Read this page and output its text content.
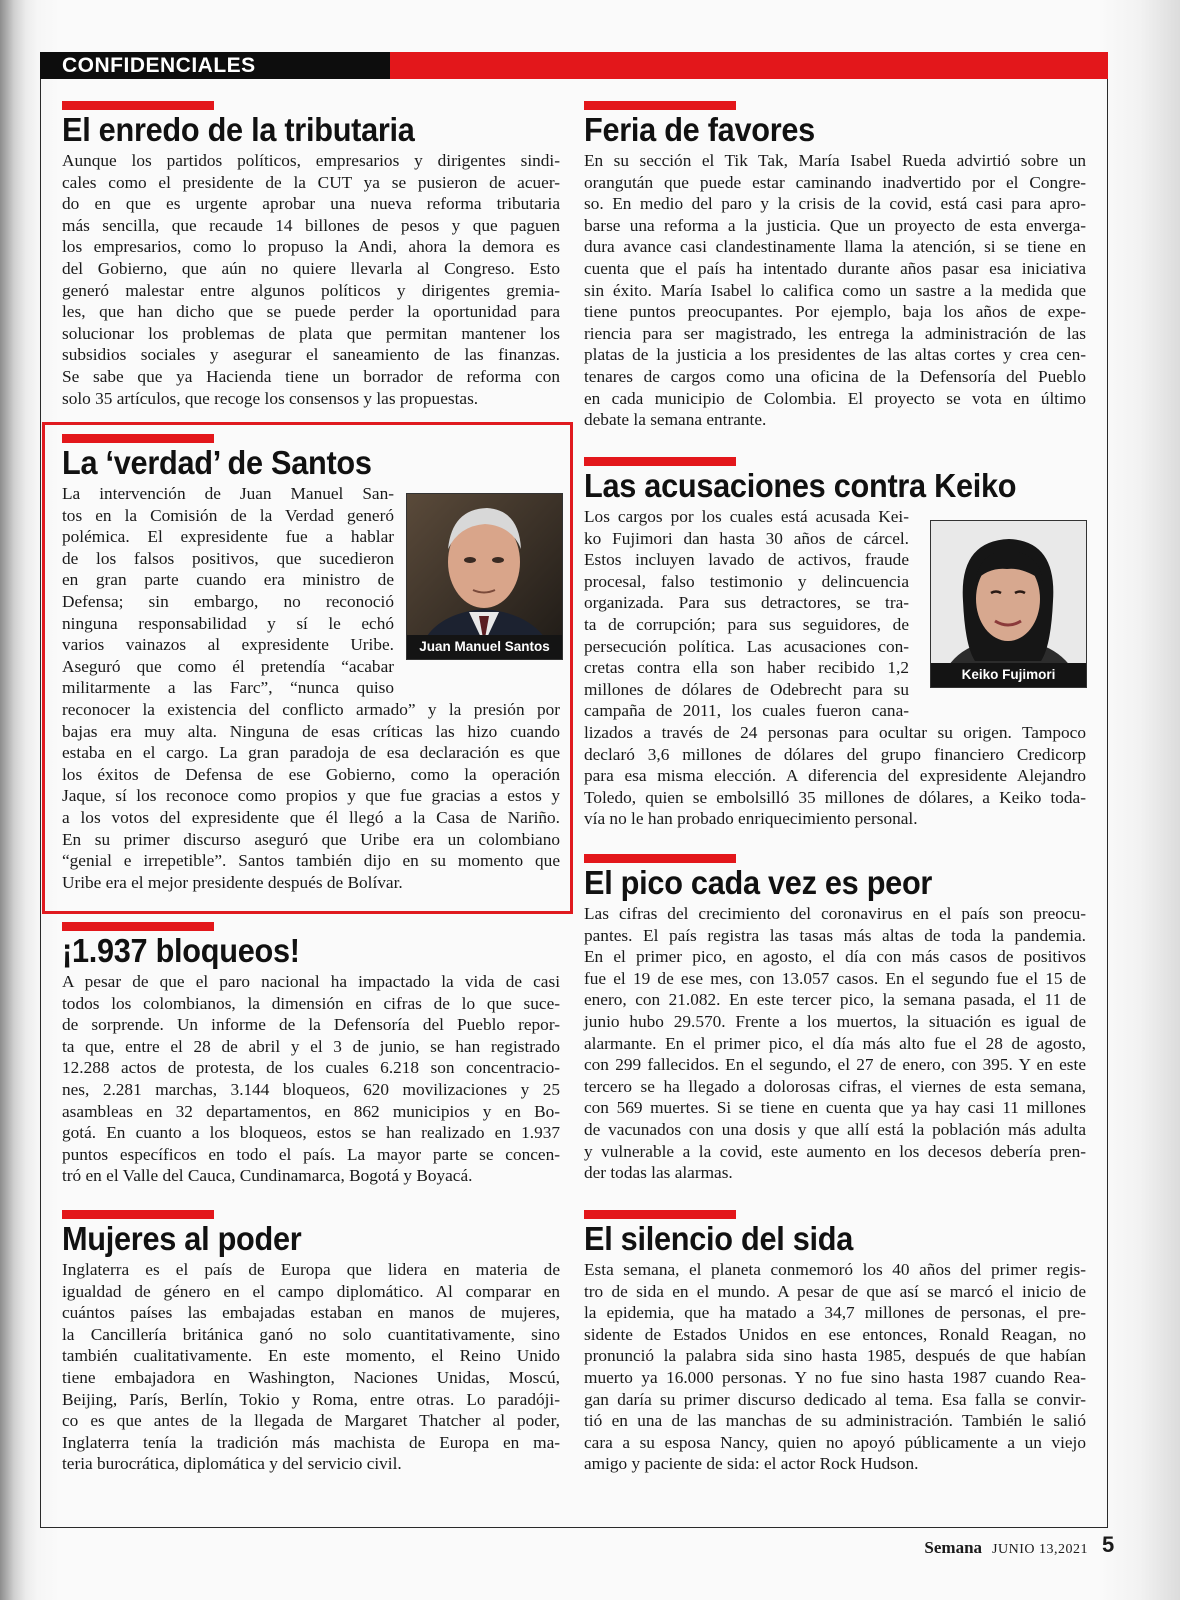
CONFIDENCIALES
El enredo de la tributaria
Aunque los partidos políticos, empresarios y dirigentes sindi-
cales como el presidente de la CUT ya se pusieron de acuer-
do en que es urgente aprobar una nueva reforma tributaria
más sencilla, que recaude 14 billones de pesos y que paguen
los empresarios, como lo propuso la Andi, ahora la demora es
del Gobierno, que aún no quiere llevarla al Congreso. Esto
generó malestar entre algunos políticos y dirigentes gremia-
les, que han dicho que se puede perder la oportunidad para
solucionar los problemas de plata que permitan mantener los
subsidios sociales y asegurar el saneamiento de las finanzas.
Se sabe que ya Hacienda tiene un borrador de reforma con
solo 35 artículos, que recoge los consensos y las propuestas.
La ‘verdad’ de Santos
La intervención de Juan Manuel San-
tos en la Comisión de la Verdad generó
polémica. El expresidente fue a hablar
de los falsos positivos, que sucedieron
en gran parte cuando era ministro de
Defensa; sin embargo, no reconoció
ninguna responsabilidad y sí le echó
varios vainazos al expresidente Uribe.
Aseguró que como él pretendía “acabar
militarmente a las Farc”, “nunca quiso
reconocer la existencia del conflicto armado” y la presión por
bajas era muy alta. Ninguna de esas críticas las hizo cuando
estaba en el cargo. La gran paradoja de esa declaración es que
los éxitos de Defensa de ese Gobierno, como la operación
Jaque, sí los reconoce como propios y que fue gracias a estos y
a los votos del expresidente que él llegó a la Casa de Nariño.
En su primer discurso aseguró que Uribe era un colombiano
“genial e irrepetible”. Santos también dijo en su momento que
Uribe era el mejor presidente después de Bolívar.
Juan Manuel Santos
¡1.937 bloqueos!
A pesar de que el paro nacional ha impactado la vida de casi
todos los colombianos, la dimensión en cifras de lo que suce-
de sorprende. Un informe de la Defensoría del Pueblo repor-
ta que, entre el 28 de abril y el 3 de junio, se han registrado
12.288 actos de protesta, de los cuales 6.218 son concentracio-
nes, 2.281 marchas, 3.144 bloqueos, 620 movilizaciones y 25
asambleas en 32 departamentos, en 862 municipios y en Bo-
gotá. En cuanto a los bloqueos, estos se han realizado en 1.937
puntos específicos en todo el país. La mayor parte se concen-
tró en el Valle del Cauca, Cundinamarca, Bogotá y Boyacá.
Mujeres al poder
Inglaterra es el país de Europa que lidera en materia de
igualdad de género en el campo diplomático. Al comparar en
cuántos países las embajadas estaban en manos de mujeres,
la Cancillería británica ganó no solo cuantitativamente, sino
también cualitativamente. En este momento, el Reino Unido
tiene embajadora en Washington, Naciones Unidas, Moscú,
Beijing, París, Berlín, Tokio y Roma, entre otras. Lo paradóji-
co es que antes de la llegada de Margaret Thatcher al poder,
Inglaterra tenía la tradición más machista de Europa en ma-
teria burocrática, diplomática y del servicio civil.
Feria de favores
En su sección el Tik Tak, María Isabel Rueda advirtió sobre un
orangután que puede estar caminando inadvertido por el Congre-
so. En medio del paro y la crisis de la covid, está casi para apro-
barse una reforma a la justicia. Que un proyecto de esta envergа-
dura avance casi clandestinamente llama la atención, si se tiene en
cuenta que el país ha intentado durante años pasar esa iniciativa
sin éxito. María Isabel lo califica como un sastre a la medida que
tiene puntos preocupantes. Por ejemplo, baja los años de expe-
riencia para ser magistrado, les entrega la administración de las
platas de la justicia a los presidentes de las altas cortes y crea cen-
tenares de cargos como una oficina de la Defensoría del Pueblo
en cada municipio de Colombia. El proyecto se vota en último
debate la semana entrante.
Las acusaciones contra Keiko
Los cargos por los cuales está acusada Kei-
ko Fujimori dan hasta 30 años de cárcel.
Estos incluyen lavado de activos, fraude
procesal, falso testimonio y delincuencia
organizada. Para sus detractores, se tra-
ta de corrupción; para sus seguidores, de
persecución política. Las acusaciones con-
cretas contra ella son haber recibido 1,2
millones de dólares de Odebrecht para su
campaña de 2011, los cuales fueron cana-
lizados a través de 24 personas para ocultar su origen. Tampoco
declaró 3,6 millones de dólares del grupo financiero Credicorp
para esa misma elección. A diferencia del expresidente Alejandro
Toledo, quien se embolsilló 35 millones de dólares, a Keiko toda-
vía no le han probado enriquecimiento personal.
Keiko Fujimori
El pico cada vez es peor
Las cifras del crecimiento del coronavirus en el país son preocu-
pantes. El país registra las tasas más altas de toda la pandemia.
En el primer pico, en agosto, el día con más casos de positivos
fue el 19 de ese mes, con 13.057 casos. En el segundo fue el 15 de
enero, con 21.082. En este tercer pico, la semana pasada, el 11 de
junio hubo 29.570. Frente a los muertos, la situación es igual de
alarmante. En el primer pico, el día más alto fue el 28 de agosto,
con 299 fallecidos. En el segundo, el 27 de enero, con 395. Y en este
tercero se ha llegado a dolorosas cifras, el viernes de esta semana,
con 569 muertes. Si se tiene en cuenta que ya hay casi 11 millones
de vacunados con una dosis y que allí está la población más adulta
y vulnerable a la covid, este aumento en los decesos debería pren-
der todas las alarmas.
El silencio del sida
Esta semana, el planeta conmemoró los 40 años del primer regis-
tro de sida en el mundo. A pesar de que así se marcó el inicio de
la epidemia, que ha matado a 34,7 millones de personas, el pre-
sidente de Estados Unidos en ese entonces, Ronald Reagan, no
pronunció la palabra sida sino hasta 1985, después de que habían
muerto ya 16.000 personas. Y no fue sino hasta 1987 cuando Rea-
gan daría su primer discurso dedicado al tema. Esa falla se convir-
tió en una de las manchas de su administración. También le salió
cara a su esposa Nancy, quien no apoyó públicamente a un viejo
amigo y paciente de sida: el actor Rock Hudson.
Semana JUNIO 13,2021 5
